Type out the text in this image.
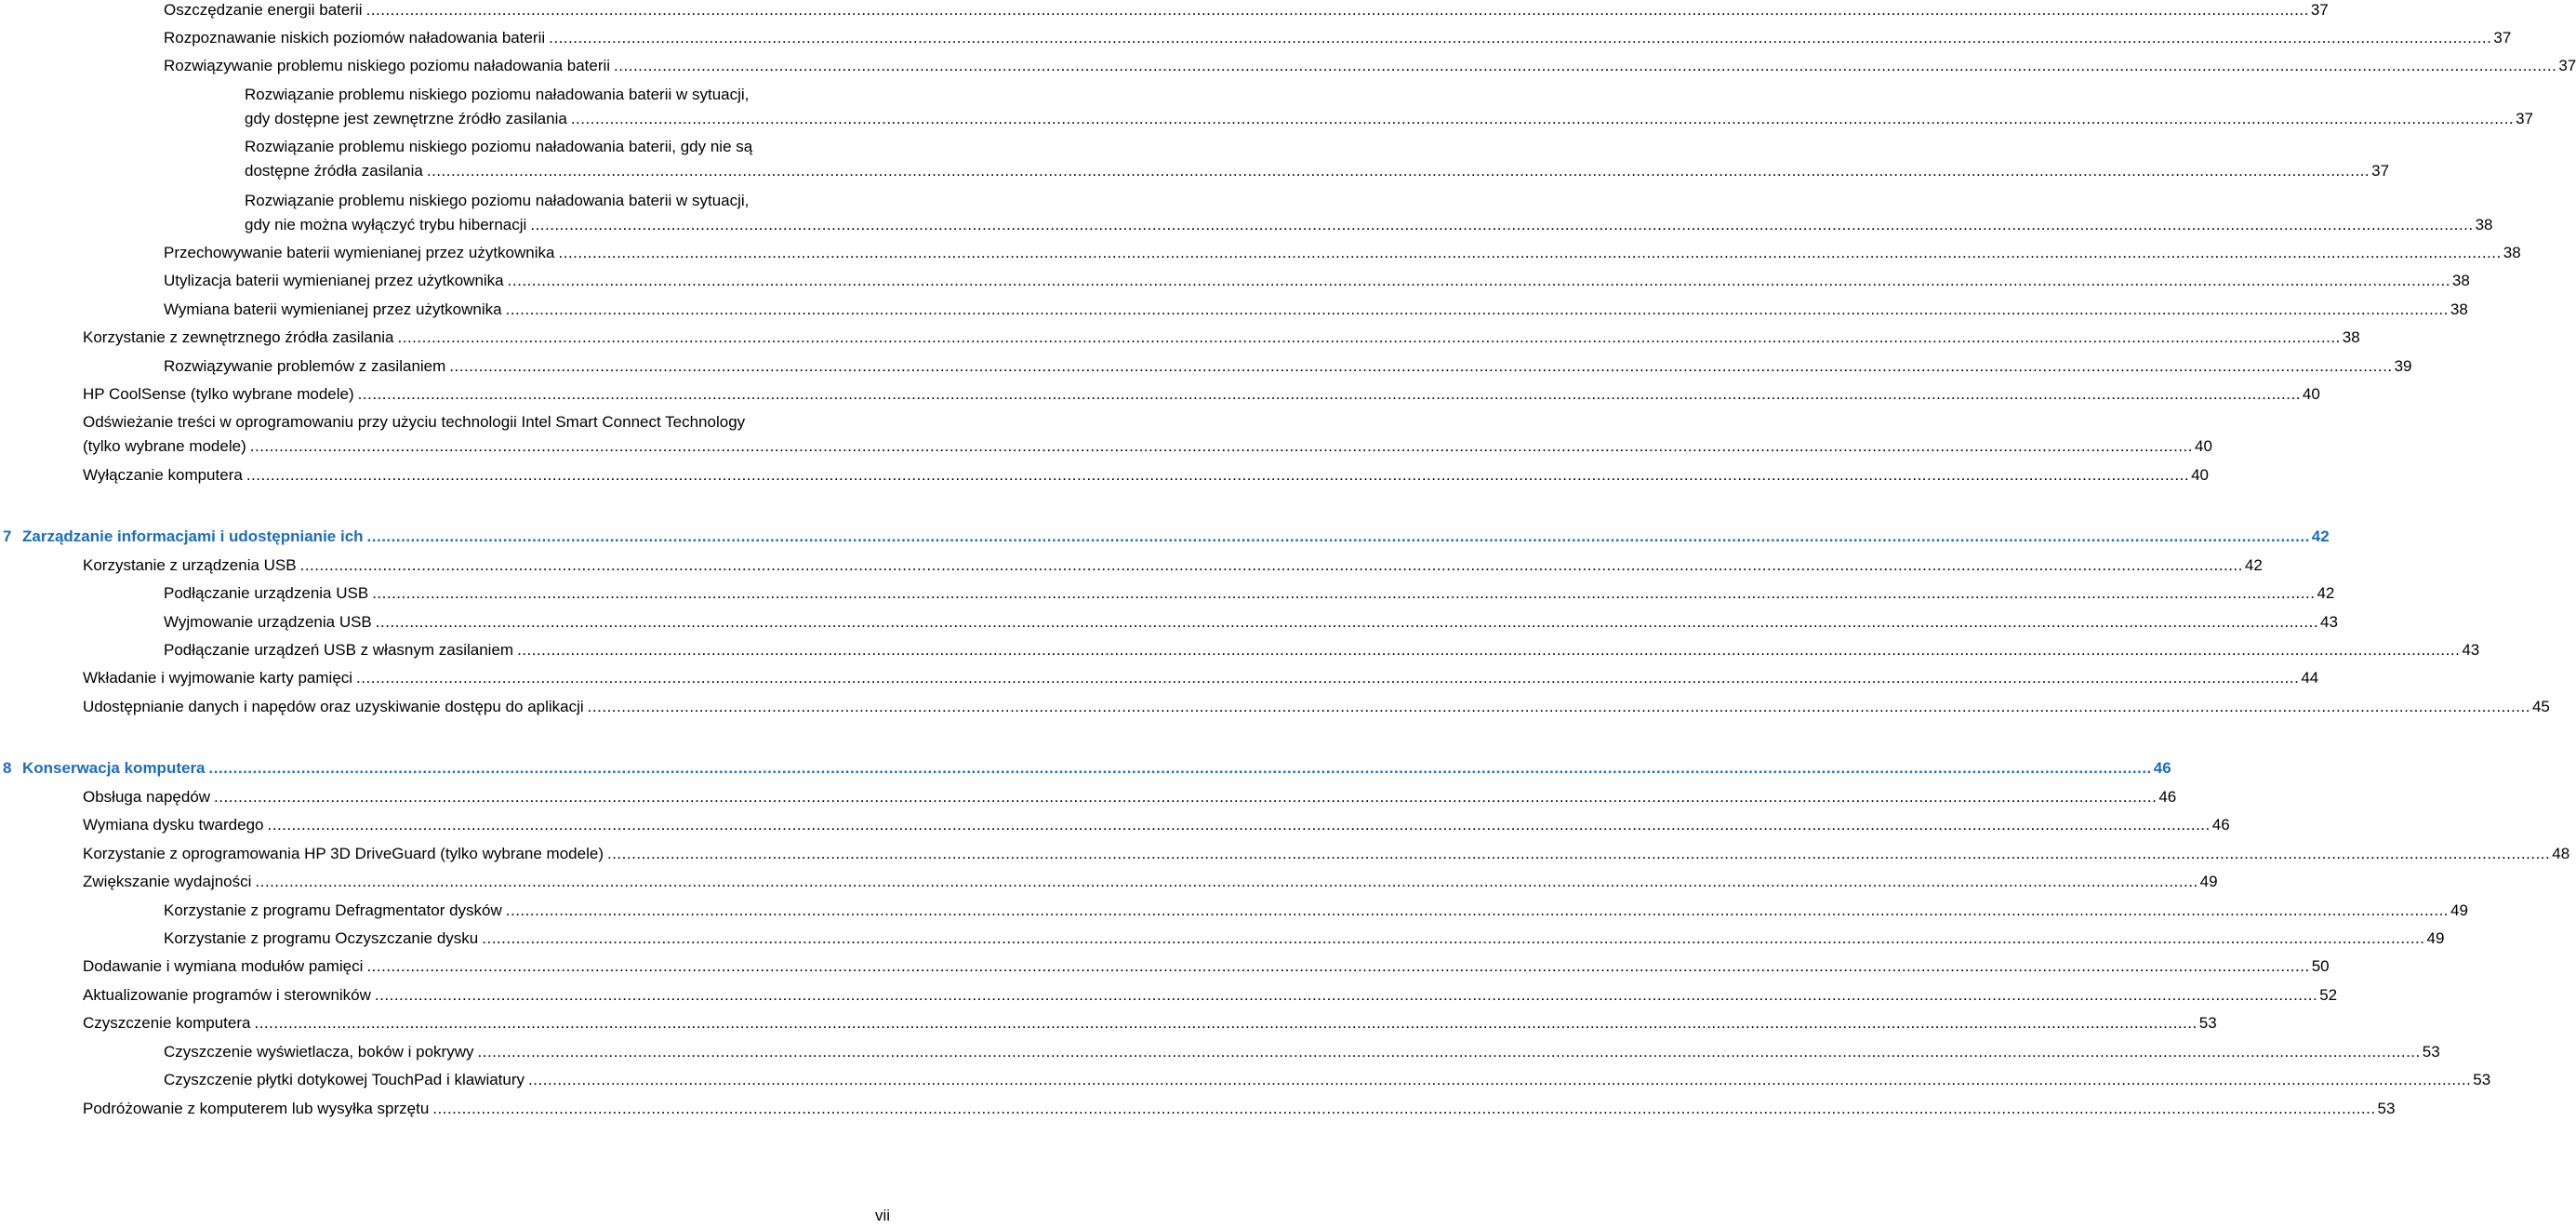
Oszczędzanie energii baterii ................................................................................................................................................................................................................................................................................................................................................................................................................ 37
Rozpoznawanie niskich poziomów naładowania baterii ................................................................................................................................................................................................................................................................................................................................................................................................................ 37
Rozwiązywanie problemu niskiego poziomu naładowania baterii ................................................................................................................................................................................................................................................................................................................................................................................................................ 37
Rozwiązanie problemu niskiego poziomu naładowania baterii w sytuacji,
gdy dostępne jest zewnętrzne źródło zasilania ................................................................................................................................................................................................................................................................................................................................................................................................................ 37
Rozwiązanie problemu niskiego poziomu naładowania baterii, gdy nie są
dostępne źródła zasilania ................................................................................................................................................................................................................................................................................................................................................................................................................ 37
Rozwiązanie problemu niskiego poziomu naładowania baterii w sytuacji,
gdy nie można wyłączyć trybu hibernacji ................................................................................................................................................................................................................................................................................................................................................................................................................ 38
Przechowywanie baterii wymienianej przez użytkownika ................................................................................................................................................................................................................................................................................................................................................................................................................ 38
Utylizacja baterii wymienianej przez użytkownika ................................................................................................................................................................................................................................................................................................................................................................................................................ 38
Wymiana baterii wymienianej przez użytkownika ................................................................................................................................................................................................................................................................................................................................................................................................................ 38
Korzystanie z zewnętrznego źródła zasilania ................................................................................................................................................................................................................................................................................................................................................................................................................ 38
Rozwiązywanie problemów z zasilaniem ................................................................................................................................................................................................................................................................................................................................................................................................................ 39
HP CoolSense (tylko wybrane modele) ................................................................................................................................................................................................................................................................................................................................................................................................................ 40
Odświeżanie treści w oprogramowaniu przy użyciu technologii Intel Smart Connect Technology
(tylko wybrane modele) ................................................................................................................................................................................................................................................................................................................................................................................................................ 40
Wyłączanie komputera ................................................................................................................................................................................................................................................................................................................................................................................................................ 40
7 Zarządzanie informacjami i udostępnianie ich ................................................................................................................................................................................................................................................................................................................................................................................................................ 42
Korzystanie z urządzenia USB ................................................................................................................................................................................................................................................................................................................................................................................................................ 42
Podłączanie urządzenia USB ................................................................................................................................................................................................................................................................................................................................................................................................................ 42
Wyjmowanie urządzenia USB ................................................................................................................................................................................................................................................................................................................................................................................................................ 43
Podłączanie urządzeń USB z własnym zasilaniem ................................................................................................................................................................................................................................................................................................................................................................................................................ 43
Wkładanie i wyjmowanie karty pamięci ................................................................................................................................................................................................................................................................................................................................................................................................................ 44
Udostępnianie danych i napędów oraz uzyskiwanie dostępu do aplikacji ................................................................................................................................................................................................................................................................................................................................................................................................................ 45
8 Konserwacja komputera ................................................................................................................................................................................................................................................................................................................................................................................................................ 46
Obsługa napędów ................................................................................................................................................................................................................................................................................................................................................................................................................ 46
Wymiana dysku twardego ................................................................................................................................................................................................................................................................................................................................................................................................................ 46
Korzystanie z oprogramowania HP 3D DriveGuard (tylko wybrane modele) ................................................................................................................................................................................................................................................................................................................................................................................................................ 48
Zwiększanie wydajności ................................................................................................................................................................................................................................................................................................................................................................................................................ 49
Korzystanie z programu Defragmentator dysków ................................................................................................................................................................................................................................................................................................................................................................................................................ 49
Korzystanie z programu Oczyszczanie dysku ................................................................................................................................................................................................................................................................................................................................................................................................................ 49
Dodawanie i wymiana modułów pamięci ................................................................................................................................................................................................................................................................................................................................................................................................................ 50
Aktualizowanie programów i sterowników ................................................................................................................................................................................................................................................................................................................................................................................................................ 52
Czyszczenie komputera ................................................................................................................................................................................................................................................................................................................................................................................................................ 53
Czyszczenie wyświetlacza, boków i pokrywy ................................................................................................................................................................................................................................................................................................................................................................................................................ 53
Czyszczenie płytki dotykowej TouchPad i klawiatury ................................................................................................................................................................................................................................................................................................................................................................................................................ 53
Podróżowanie z komputerem lub wysyłka sprzętu ................................................................................................................................................................................................................................................................................................................................................................................................................ 53
vii
